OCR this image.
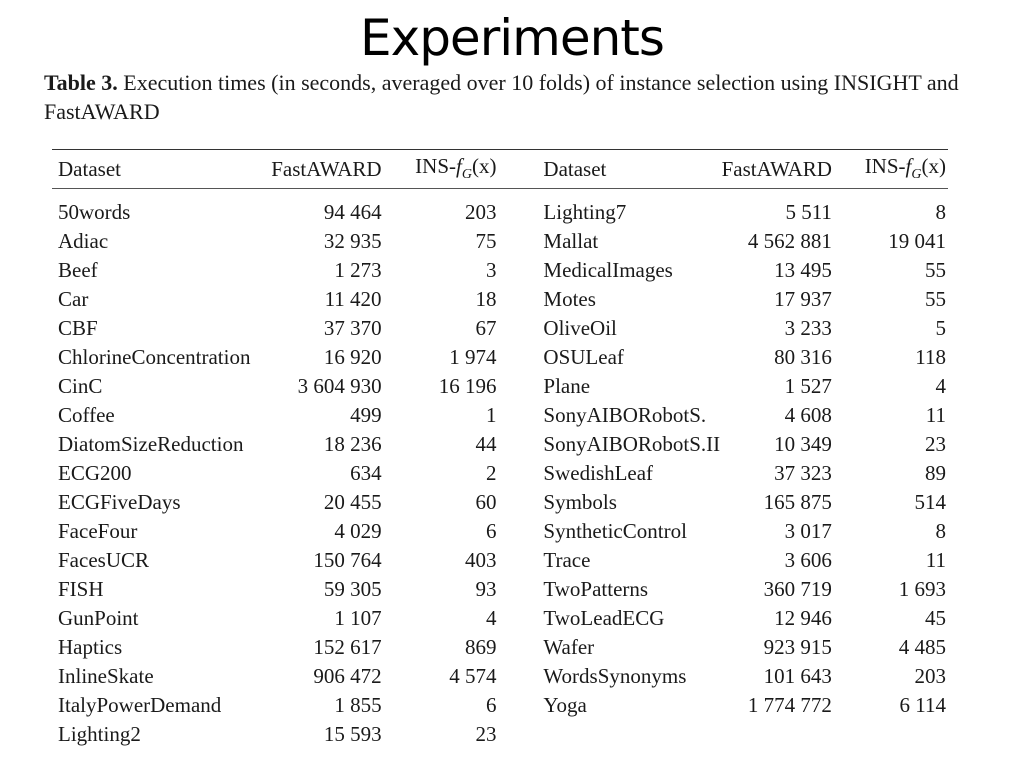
Experiments
Table 3. Execution times (in seconds, averaged over 10 folds) of instance selection using INSIGHT and FastAWARD
Dataset	FastAWARD	INS-$f_G(x)$		Dataset	FastAWARD	INS-$f_G(x)$
50words	94 464	203		Lighting7	5 511	8
Adiac	32 935	75		Mallat	4 562 881	19 041
Beef	1 273	3		MedicalImages	13 495	55
Car	11 420	18		Motes	17 937	55
CBF	37 370	67		OliveOil	3 233	5
ChlorineConcentration	16 920	1 974		OSULeaf	80 316	118
CinC	3 604 930	16 196		Plane	1 527	4
Coffee	499	1		SonyAIBORobotS.	4 608	11
DiatomSizeReduction	18 236	44		SonyAIBORobotS.II	10 349	23
ECG200	634	2		SwedishLeaf	37 323	89
ECGFiveDays	20 455	60		Symbols	165 875	514
FaceFour	4 029	6		SyntheticControl	3 017	8
FacesUCR	150 764	403		Trace	3 606	11
FISH	59 305	93		TwoPatterns	360 719	1 693
GunPoint	1 107	4		TwoLeadECG	12 946	45
Haptics	152 617	869		Wafer	923 915	4 485
InlineSkate	906 472	4 574		WordsSynonyms	101 643	203
ItalyPowerDemand	1 855	6		Yoga	1 774 772	6 114
Lighting2	15 593	23				
